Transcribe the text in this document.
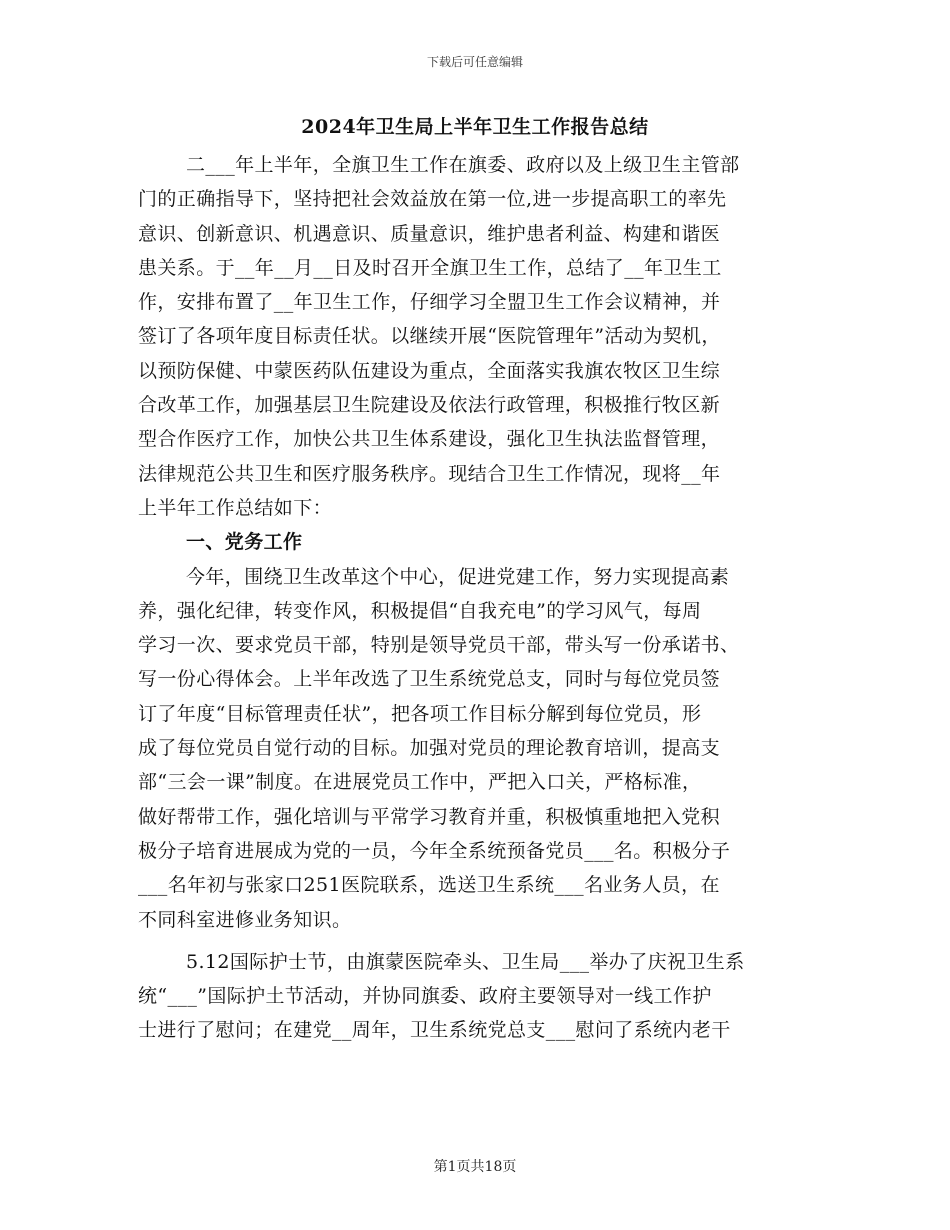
下载后可任意编辑
2024年卫生局上半年卫生工作报告总结
二___年上半年，全旗卫生工作在旗委、政府以及上级卫生主管部
门的正确指导下，坚持把社会效益放在第一位,进一步提高职工的率先
意识、创新意识、机遇意识、质量意识，维护患者利益、构建和谐医
患关系。于__年__月__日及时召开全旗卫生工作，总结了__年卫生工
作，安排布置了__年卫生工作，仔细学习全盟卫生工作会议精神，并
签订了各项年度目标责任状。以继续开展“医院管理年”活动为契机，
以预防保健、中蒙医药队伍建设为重点，全面落实我旗农牧区卫生综
合改革工作，加强基层卫生院建设及依法行政管理，积极推行牧区新
型合作医疗工作，加快公共卫生体系建设，强化卫生执法监督管理，
法律规范公共卫生和医疗服务秩序。现结合卫生工作情况，现将__年
上半年工作总结如下：
一、党务工作
今年，围绕卫生改革这个中心，促进党建工作，努力实现提高素
养，强化纪律，转变作风，积极提倡“自我充电”的学习风气，每周
学习一次、要求党员干部，特别是领导党员干部，带头写一份承诺书、
写一份心得体会。上半年改选了卫生系统党总支，同时与每位党员签
订了年度“目标管理责任状”，把各项工作目标分解到每位党员，形
成了每位党员自觉行动的目标。加强对党员的理论教育培训，提高支
部“三会一课”制度。在进展党员工作中，严把入口关，严格标准，
做好帮带工作，强化培训与平常学习教育并重，积极慎重地把入党积
极分子培育进展成为党的一员，今年全系统预备党员___名。积极分子
___名年初与张家口251医院联系，选送卫生系统___名业务人员，在
不同科室进修业务知识。
5.12国际护士节，由旗蒙医院牵头、卫生局___举办了庆祝卫生系
统“___”国际护土节活动，并协同旗委、政府主要领导对一线工作护
士进行了慰问；在建党__周年，卫生系统党总支___慰问了系统内老干
第1页共18页
